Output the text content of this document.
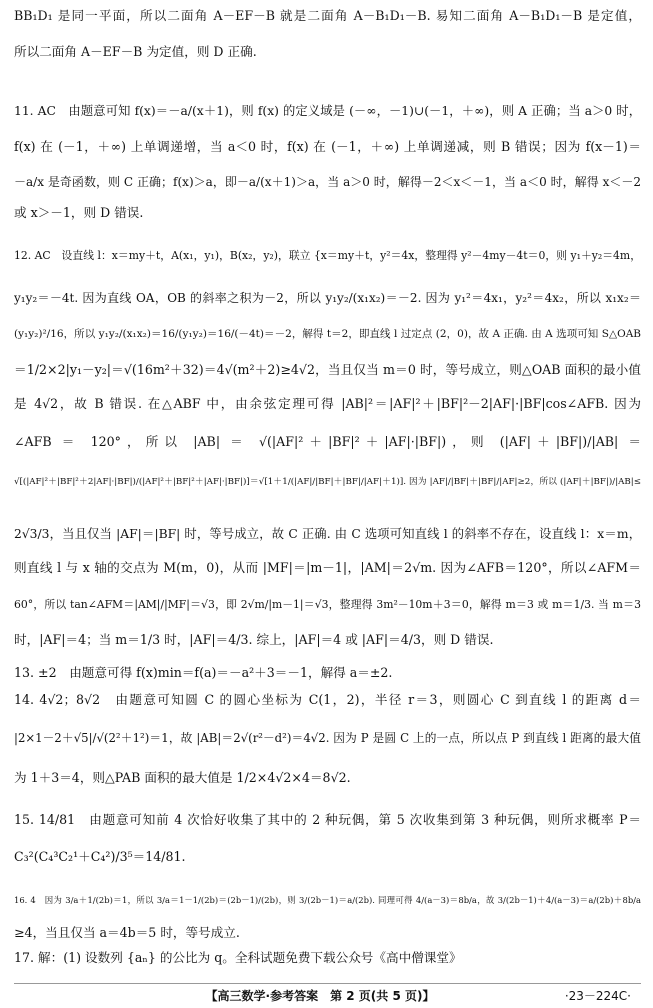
BB₁D₁ 是同一平面，所以二面角 A－EF－B 就是二面角 A－B₁D₁－B. 易知二面角 A－B₁D₁－B 是定值，
所以二面角 A－EF－B 为定值，则 D 正确.
11. AC　由题意可知 f(x)＝－a/(x＋1)，则 f(x) 的定义域是 (－∞，－1)∪(－1，＋∞)，则 A 正确；当 a＞0 时，
f(x) 在 (－1，＋∞) 上单调递增，当 a＜0 时，f(x) 在 (－1，＋∞) 上单调递减，则 B 错误；因为 f(x－1)＝
－a/x 是奇函数，则 C 正确；f(x)＞a，即－a/(x＋1)＞a，当 a＞0 时，解得－2＜x＜－1，当 a＜0 时，解得 x＜－2
或 x＞－1，则 D 错误.
12. AC　设直线 l：x＝my＋t，A(x₁，y₁)，B(x₂，y₂)，联立 {x＝my＋t，y²＝4x，整理得 y²－4my－4t＝0，则 y₁＋y₂＝4m，
y₁y₂＝－4t. 因为直线 OA，OB 的斜率之积为－2，所以 y₁y₂/(x₁x₂)＝－2. 因为 y₁²＝4x₁，y₂²＝4x₂，所以 x₁x₂＝
(y₁y₂)²/16，所以 y₁y₂/(x₁x₂)＝16/(y₁y₂)＝16/(－4t)＝－2，解得 t＝2，即直线 l 过定点 (2，0)，故 A 正确. 由 A 选项可知 S△OAB
＝1/2×2|y₁－y₂|＝√(16m²＋32)＝4√(m²＋2)≥4√2，当且仅当 m＝0 时，等号成立，则△OAB 面积的最小值
是 4√2，故 B 错误. 在△ABF 中，由余弦定理可得 |AB|²＝|AF|²＋|BF|²－2|AF|·|BF|cos∠AFB. 因为
∠AFB ＝ 120°，所以 |AB| ＝ √(|AF|²＋|BF|²＋|AF|·|BF|)，则 (|AF|＋|BF|)/|AB| ＝
√[(|AF|²＋|BF|²＋2|AF|·|BF|)/(|AF|²＋|BF|²＋|AF|·|BF|)]＝√[1＋1/(|AF|/|BF|＋|BF|/|AF|＋1)]. 因为 |AF|/|BF|＋|BF|/|AF|≥2，所以 (|AF|＋|BF|)/|AB|≤
2√3/3，当且仅当 |AF|＝|BF| 时，等号成立，故 C 正确. 由 C 选项可知直线 l 的斜率不存在，设直线 l：x＝m，
则直线 l 与 x 轴的交点为 M(m，0)，从而 |MF|＝|m－1|，|AM|＝2√m. 因为∠AFB＝120°，所以∠AFM＝
60°，所以 tan∠AFM＝|AM|/|MF|＝√3，即 2√m/|m－1|＝√3，整理得 3m²－10m＋3＝0，解得 m＝3 或 m＝1/3. 当 m＝3
时，|AF|＝4；当 m＝1/3 时，|AF|＝4/3. 综上，|AF|＝4 或 |AF|＝4/3，则 D 错误.
13. ±2　由题意可得 f(x)min＝f(a)＝－a²＋3＝－1，解得 a＝±2.
14. 4√2；8√2　由题意可知圆 C 的圆心坐标为 C(1，2)，半径 r＝3，则圆心 C 到直线 l 的距离 d＝
|2×1－2＋√5|/√(2²＋1²)＝1，故 |AB|＝2√(r²－d²)＝4√2. 因为 P 是圆 C 上的一点，所以点 P 到直线 l 距离的最大值
为 1＋3＝4，则△PAB 面积的最大值是 1/2×4√2×4＝8√2.
15. 14/81　由题意可知前 4 次恰好收集了其中的 2 种玩偶，第 5 次收集到第 3 种玩偶，则所求概率 P＝
C₃²(C₄³C₂¹＋C₄²)/3⁵＝14/81.
16. 4　因为 3/a＋1/(2b)＝1，所以 3/a＝1－1/(2b)＝(2b－1)/(2b)，则 3/(2b－1)＝a/(2b). 同理可得 4/(a－3)＝8b/a，故 3/(2b－1)＋4/(a－3)＝a/(2b)＋8b/a
≥4，当且仅当 a＝4b＝5 时，等号成立.
17. 解：(1) 设数列 {aₙ} 的公比为 q。全科试题免费下载公众号《高中僧课堂》
【高三数学·参考答案　第 2 页(共 5 页)】	·23－224C·
